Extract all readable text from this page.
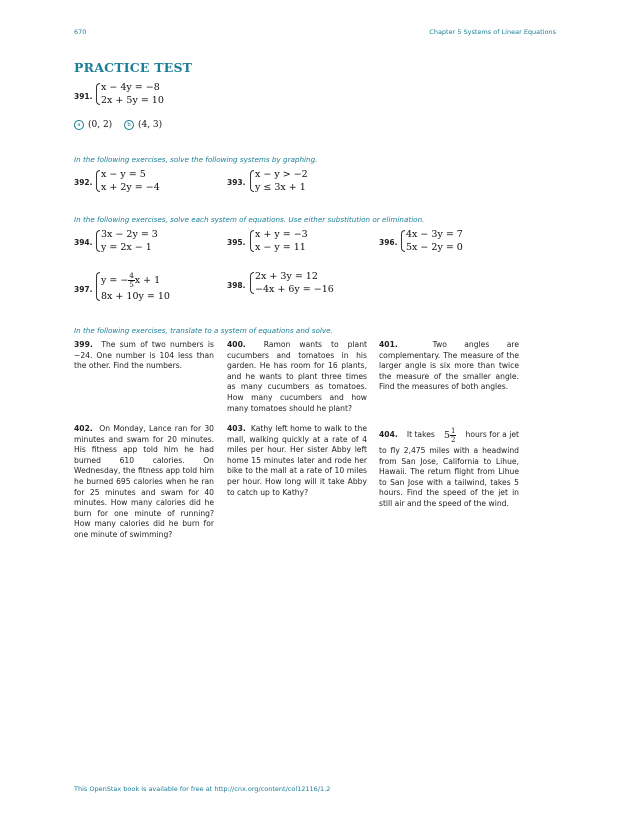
670	Chapter 5 Systems of Linear Equations
PRACTICE TEST
391.
x − 4y = −8
2x + 5y = 10
a (0, 2)	b (4, 3)
In the following exercises, solve the following systems by graphing.
392.
x − y = 5
x + 2y = −4	393.
x − y > −2
y ≤ 3x + 1
In the following exercises, solve each system of equations. Use either substitution or elimination.
394.
3x − 2y = 3
y = 2x − 1	395.
x + y = −3
x − y = 11	396.
4x − 3y = 7
5x − 2y = 0
397.
y = − $\frac{4}{5}$ x + 1
8x + 10y = 10
398.
2x + 3y = 12
−4x + 6y = −16
In the following exercises, translate to a system of equations and solve.
399. The sum of two numbers is −24. One number is 104 less than the other. Find the numbers.
400. Ramon wants to plant cucumbers and tomatoes in his garden. He has room for 16 plants, and he wants to plant three times as many cucumbers as tomatoes. How many cucumbers and how many tomatoes should he plant?
401.	Two angles are complementary. The measure of the larger angle is six more than twice the measure of the smaller angle. Find the measures of both angles.
402. On Monday, Lance ran for 30 minutes and swam for 20 minutes. His fitness app told him he had burned 610 calories. On Wednesday, the fitness app told him he burned 695 calories when he ran for 25 minutes and swam for 40 minutes. How many calories did he burn for one minute of running? How many calories did he burn for one minute of swimming?
403. Kathy left home to walk to the mall, walking quickly at a rate of 4 miles per hour. Her sister Abby left home 15 minutes later and rode her bike to the mall at a rate of 10 miles per hour. How long will it take Abby to catch up to Kathy?
404. It takes $5 \frac{1}{2}$ hours for a jet
to fly 2,475 miles with a headwind from San Jose, California to Lihue, Hawaii. The return flight from Lihue to San Jose with a tailwind, takes 5 hours. Find the speed of the jet in still air and the speed of the wind.
This OpenStax book is available for free at http://cnx.org/content/col12116/1.2
